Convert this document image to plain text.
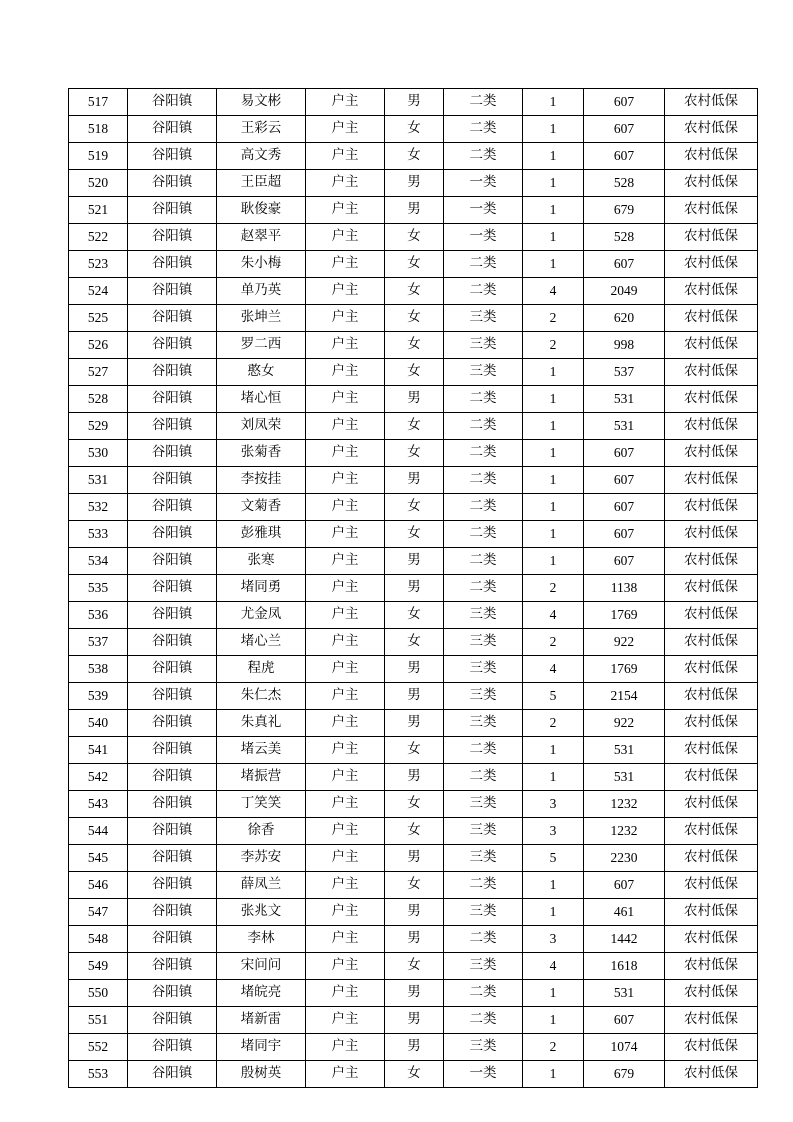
517	谷阳镇	易文彬	户主	男	二类	1	607	农村低保
518	谷阳镇	王彩云	户主	女	二类	1	607	农村低保
519	谷阳镇	高文秀	户主	女	二类	1	607	农村低保
520	谷阳镇	王臣超	户主	男	一类	1	528	农村低保
521	谷阳镇	耿俊豪	户主	男	一类	1	679	农村低保
522	谷阳镇	赵翠平	户主	女	一类	1	528	农村低保
523	谷阳镇	朱小梅	户主	女	二类	1	607	农村低保
524	谷阳镇	单乃英	户主	女	二类	4	2049	农村低保
525	谷阳镇	张坤兰	户主	女	三类	2	620	农村低保
526	谷阳镇	罗二西	户主	女	三类	2	998	农村低保
527	谷阳镇	憨女	户主	女	三类	1	537	农村低保
528	谷阳镇	堵心恒	户主	男	二类	1	531	农村低保
529	谷阳镇	刘凤荣	户主	女	二类	1	531	农村低保
530	谷阳镇	张菊香	户主	女	二类	1	607	农村低保
531	谷阳镇	李按挂	户主	男	二类	1	607	农村低保
532	谷阳镇	文菊香	户主	女	二类	1	607	农村低保
533	谷阳镇	彭雅琪	户主	女	二类	1	607	农村低保
534	谷阳镇	张寒	户主	男	二类	1	607	农村低保
535	谷阳镇	堵同勇	户主	男	二类	2	1138	农村低保
536	谷阳镇	尤金凤	户主	女	三类	4	1769	农村低保
537	谷阳镇	堵心兰	户主	女	三类	2	922	农村低保
538	谷阳镇	程虎	户主	男	三类	4	1769	农村低保
539	谷阳镇	朱仁杰	户主	男	三类	5	2154	农村低保
540	谷阳镇	朱真礼	户主	男	三类	2	922	农村低保
541	谷阳镇	堵云美	户主	女	二类	1	531	农村低保
542	谷阳镇	堵振营	户主	男	二类	1	531	农村低保
543	谷阳镇	丁笑笑	户主	女	三类	3	1232	农村低保
544	谷阳镇	徐香	户主	女	三类	3	1232	农村低保
545	谷阳镇	李苏安	户主	男	三类	5	2230	农村低保
546	谷阳镇	薛凤兰	户主	女	二类	1	607	农村低保
547	谷阳镇	张兆文	户主	男	三类	1	461	农村低保
548	谷阳镇	李林	户主	男	二类	3	1442	农村低保
549	谷阳镇	宋问问	户主	女	三类	4	1618	农村低保
550	谷阳镇	堵皖亮	户主	男	二类	1	531	农村低保
551	谷阳镇	堵新雷	户主	男	二类	1	607	农村低保
552	谷阳镇	堵同宇	户主	男	三类	2	1074	农村低保
553	谷阳镇	殷树英	户主	女	一类	1	679	农村低保
